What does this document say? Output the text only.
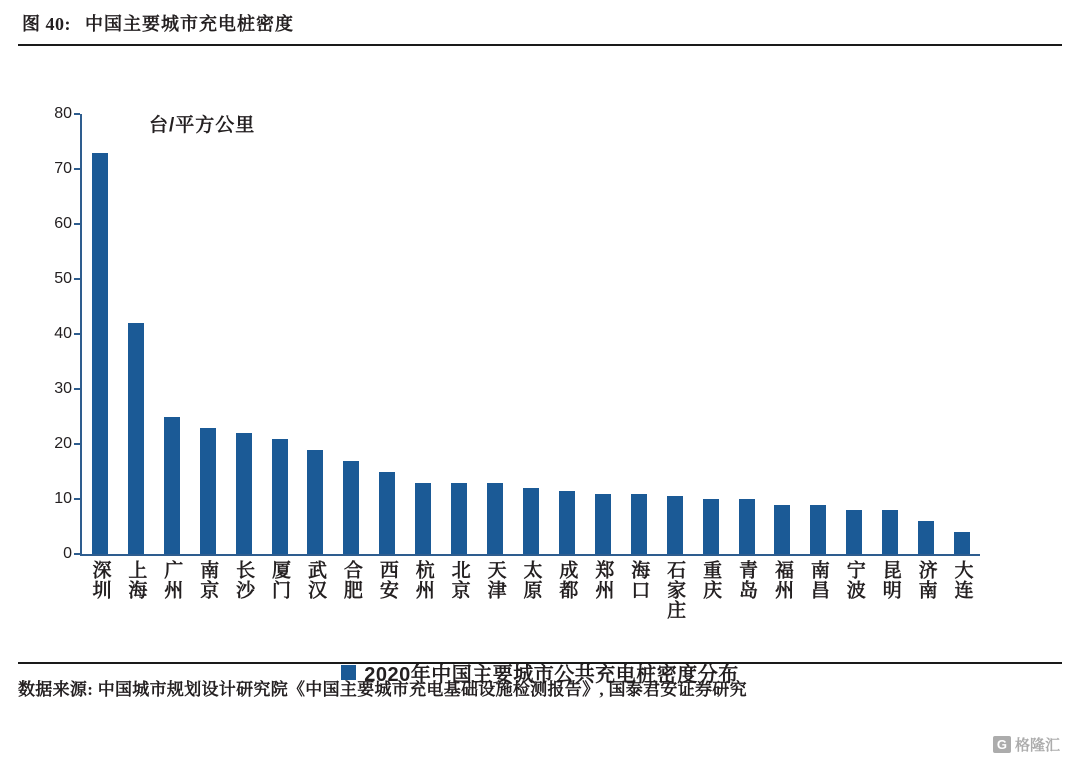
图 40: 中国主要城市充电桩密度
台/平方公里
0
10
20
30
40
50
60
70
80
深圳 上海 广州 南京 长沙 厦门 武汉 合肥 西安 杭州 北京 天津 太原 成都 郑州 海口 石家庄 重庆 青岛 福州 南昌 宁波 昆明 济南 大连
2020年中国主要城市公共充电桩密度分布
数据来源: 中国城市规划设计研究院《中国主要城市充电基础设施检测报告》, 国泰君安证券研究
G 格隆汇
